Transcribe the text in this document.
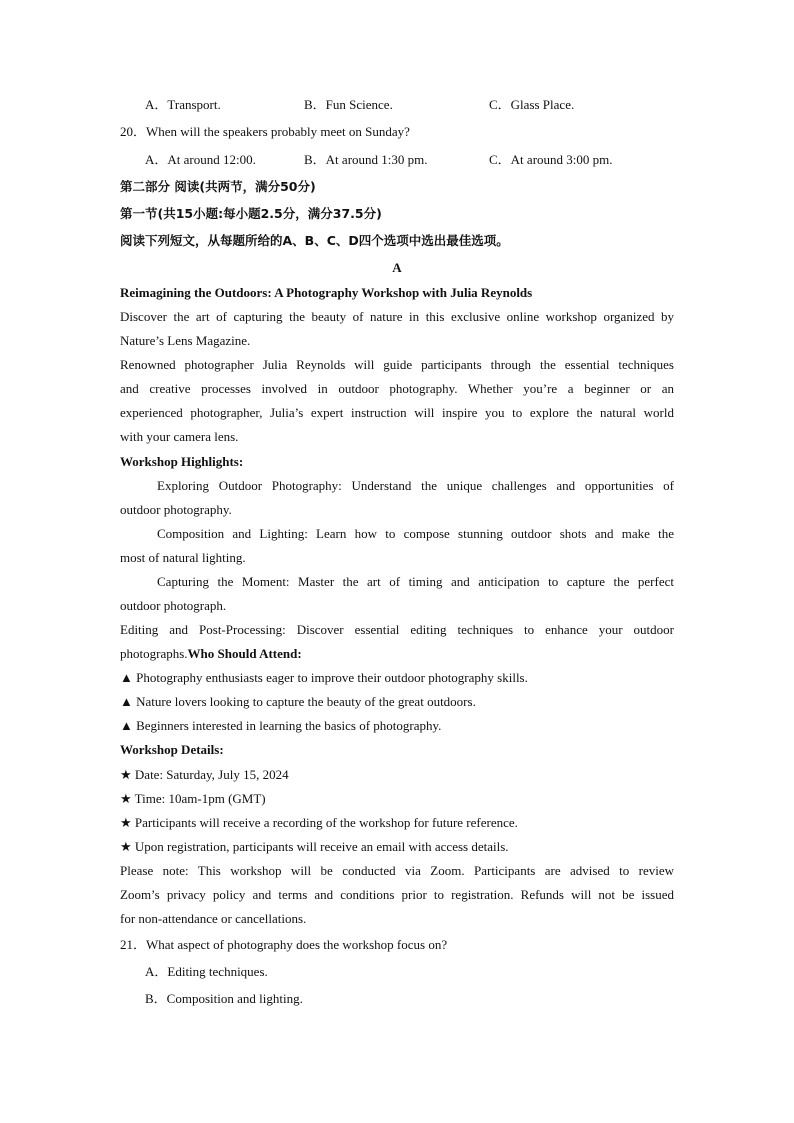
A．Transport.	B．Fun Science.	C．Glass Place.
20．When will the speakers probably meet on Sunday?
A．At around 12:00.	B．At around 1:30 pm.	C．At around 3:00 pm.
第二部分 阅读(共两节，满分50分)
第一节(共15小题:每小题2.5分，满分37.5分)
阅读下列短文，从每题所给的A、B、C、D四个选项中选出最佳选项。
A
Reimagining the Outdoors: A Photography Workshop with Julia Reynolds
Discover the art of capturing the beauty of nature in this exclusive online workshop organized by
Nature’s Lens Magazine.
Renowned photographer Julia Reynolds will guide participants through the essential techniques
and creative processes involved in outdoor photography. Whether you’re a beginner or an
experienced photographer, Julia’s expert instruction will inspire you to explore the natural world
with your camera lens.
Workshop Highlights:
Exploring Outdoor Photography: Understand the unique challenges and opportunities of
outdoor photography.
Composition and Lighting: Learn how to compose stunning outdoor shots and make the
most of natural lighting.
Capturing the Moment: Master the art of timing and anticipation to capture the perfect
outdoor photograph.
Editing and Post-Processing: Discover essential editing techniques to enhance your outdoor
photographs.Who Should Attend:
▲ Photography enthusiasts eager to improve their outdoor photography skills.
▲ Nature lovers looking to capture the beauty of the great outdoors.
▲ Beginners interested in learning the basics of photography.
Workshop Details:
★ Date: Saturday, July 15, 2024
★ Time: 10am-1pm (GMT)
★ Participants will receive a recording of the workshop for future reference.
★ Upon registration, participants will receive an email with access details.
Please note: This workshop will be conducted via Zoom. Participants are advised to review
Zoom’s privacy policy and terms and conditions prior to registration. Refunds will not be issued
for non-attendance or cancellations.
21．What aspect of photography does the workshop focus on?
A．Editing techniques.
B．Composition and lighting.
